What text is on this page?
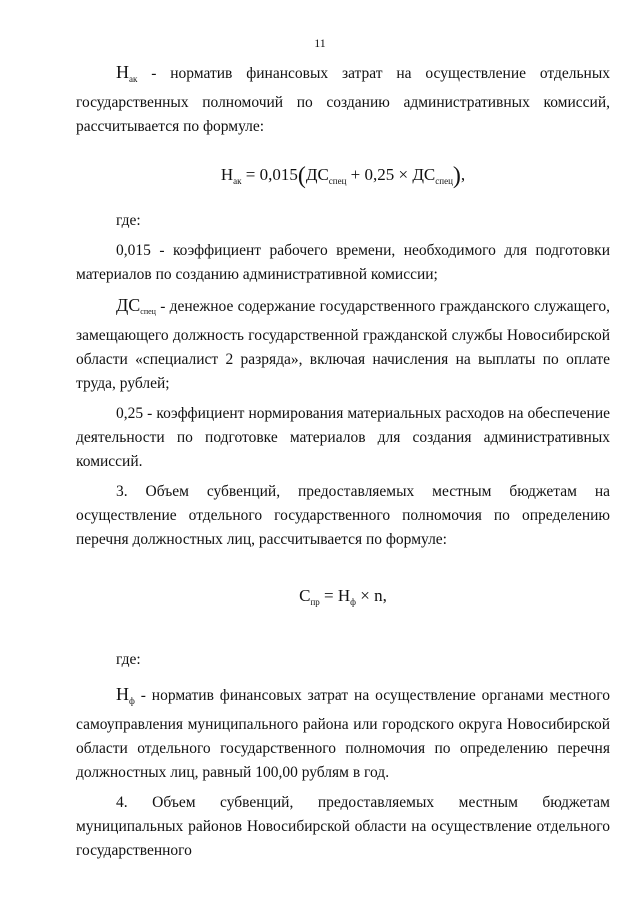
11

$Н_{ак}$ - норматив финансовых затрат на осуществление отдельных государственных полномочий по созданию административных комиссий, рассчитывается по формуле:

$Н_{ак} = 0,015(ДС_{спец} + 0,25 \times ДС_{спец})$,

где:

0,015 - коэффициент рабочего времени, необходимого для подготовки материалов по созданию административной комиссии;

ДСспец - денежное содержание государственного гражданского служащего, замещающего должность государственной гражданской службы Новосибирской области «специалист 2 разряда», включая начисления на выплаты по оплате труда, рублей;

0,25 - коэффициент нормирования материальных расходов на обеспечение деятельности по подготовке материалов для создания административных комиссий.

3. Объем субвенций, предоставляемых местным бюджетам на осуществление отдельного государственного полномочия по определению перечня должностных лиц, рассчитывается по формуле:

$С_{пр} = Н_ф \times n$,

где:

$Н_ф$ - норматив финансовых затрат на осуществление органами местного самоуправления муниципального района или городского округа Новосибирской области отдельного государственного полномочия по определению перечня должностных лиц, равный 100,00 рублям в год.

4. Объем субвенций, предоставляемых местным бюджетам муниципальных районов Новосибирской области на осуществление отдельного государственного
